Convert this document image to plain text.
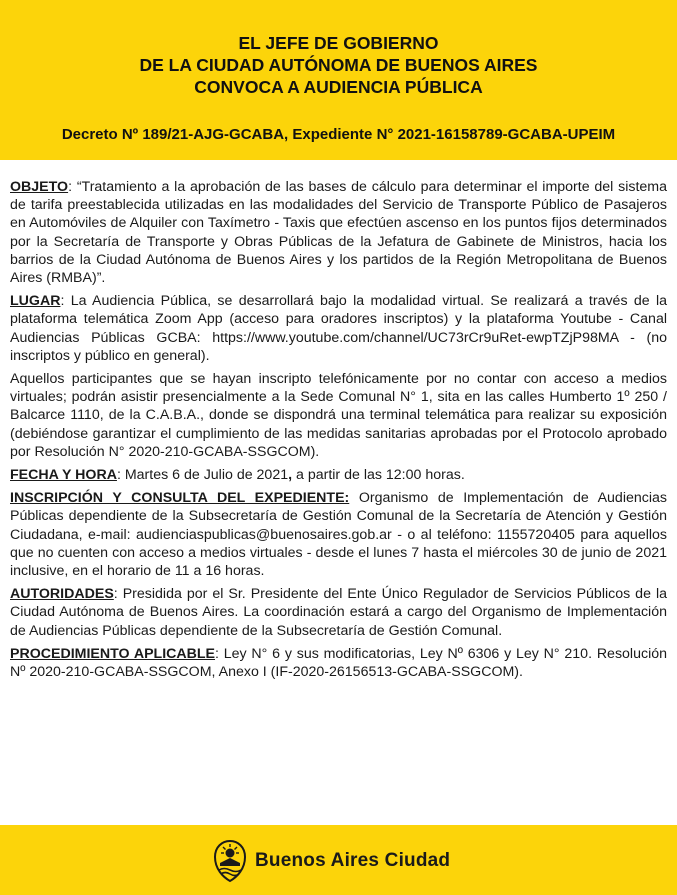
EL JEFE DE GOBIERNO
DE LA CIUDAD AUTÓNOMA DE BUENOS AIRES
CONVOCA A AUDIENCIA PÚBLICA
Decreto Nº 189/21-AJG-GCABA, Expediente N° 2021-16158789-GCABA-UPEIM

OBJETO: “Tratamiento a la aprobación de las bases de cálculo para determinar el importe del sistema de tarifa preestablecida utilizadas en las modalidades del Servicio de Transporte Público de Pasajeros en Automóviles de Alquiler con Taxímetro - Taxis que efectúen ascenso en los puntos fijos determinados por la Secretaría de Transporte y Obras Públicas de la Jefatura de Gabinete de Ministros, hacia los barrios de la Ciudad Autónoma de Buenos Aires y los partidos de la Región Metropolitana de Buenos Aires (RMBA)”.

LUGAR: La Audiencia Pública, se desarrollará bajo la modalidad virtual. Se realizará a través de la plataforma telemática Zoom App (acceso para oradores inscriptos) y la plataforma Youtube - Canal Audiencias Públicas GCBA: https://www.youtube.com/channel/UC73rCr9uRet-ewpTZjP98MA - (no inscriptos y público en general).

Aquellos participantes que se hayan inscripto telefónicamente por no contar con acceso a medios virtuales; podrán asistir presencialmente a la Sede Comunal N° 1, sita en las calles Humberto 1º 250 / Balcarce 1110, de la C.A.B.A., donde se dispondrá una terminal telemática para realizar su exposición (debiéndose garantizar el cumplimiento de las medidas sanitarias aprobadas por el Protocolo aprobado por Resolución N° 2020-210-GCABA-SSGCOM).

FECHA Y HORA: Martes 6 de Julio de 2021, a partir de las 12:00 horas.

INSCRIPCIÓN Y CONSULTA DEL EXPEDIENTE: Organismo de Implementación de Audiencias Públicas dependiente de la Subsecretaría de Gestión Comunal de la Secretaría de Atención y Gestión Ciudadana, e-mail: audienciaspublicas@buenosaires.gob.ar - o al teléfono: 1155720405 para aquellos que no cuenten con acceso a medios virtuales - desde el lunes 7 hasta el miércoles 30 de junio de 2021 inclusive, en el horario de 11 a 16 horas.

AUTORIDADES: Presidida por el Sr. Presidente del Ente Único Regulador de Servicios Públicos de la Ciudad Autónoma de Buenos Aires. La coordinación estará a cargo del Organismo de Implementación de Audiencias Públicas dependiente de la Subsecretaría de Gestión Comunal.

PROCEDIMIENTO APLICABLE: Ley N° 6 y sus modificatorias, Ley Nº 6306 y Ley N° 210. Resolución Nº 2020-210-GCABA-SSGCOM, Anexo I (IF-2020-26156513-GCABA-SSGCOM).

Buenos Aires Ciudad
